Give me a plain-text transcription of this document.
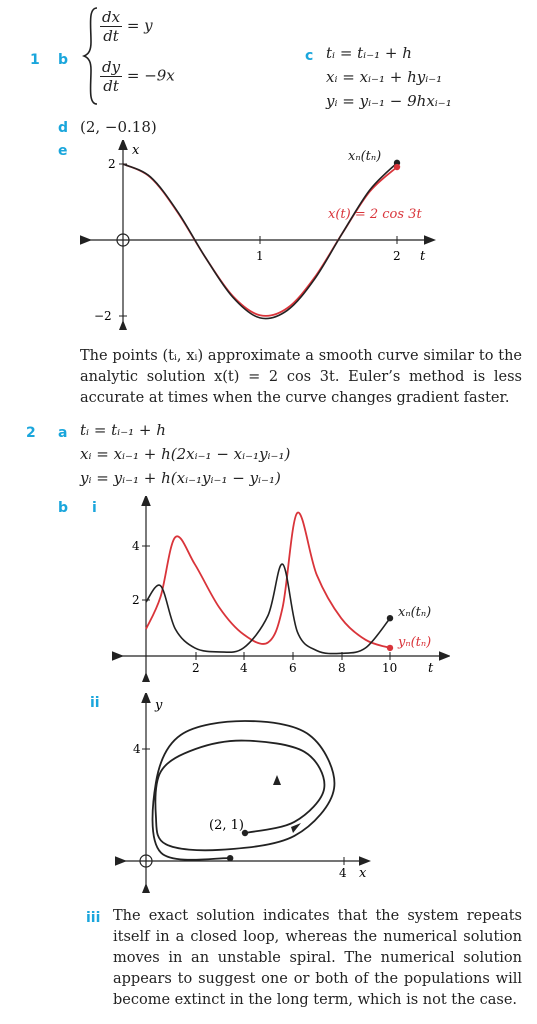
1 b
$\frac{dx}{dt} = y$
$\frac{dy}{dt} = -9x$
c tᵢ = tᵢ₋₁ + h
xᵢ = xᵢ₋₁ + hyᵢ₋₁
yᵢ = yᵢ₋₁ − 9hxᵢ₋₁
d (2, −0.18)
e
1	2
2
−2
x
t
xₙ(tₙ)
x(t) = 2 cos 3t
The points (tᵢ, xᵢ) approximate a smooth curve similar to the analytic solution x(t) = 2 cos 3t. Euler’s method is less accurate at times when the curve changes gradient faster.
2 a tᵢ = tᵢ₋₁ + h
xᵢ = xᵢ₋₁ + h(2xᵢ₋₁ − xᵢ₋₁yᵢ₋₁)
yᵢ = yᵢ₋₁ + h(xᵢ₋₁yᵢ₋₁ − yᵢ₋₁)
b i
2	4	6	8	10
2
4
t
xₙ(tₙ)
yₙ(tₙ)
ii
4
4
y
x
(2, 1)
iii The exact solution indicates that the system repeats itself in a closed loop, whereas the numerical solution moves in an unstable spiral. The numerical solution appears to suggest one or both of the populations will become extinct in the long term, which is not the case.
